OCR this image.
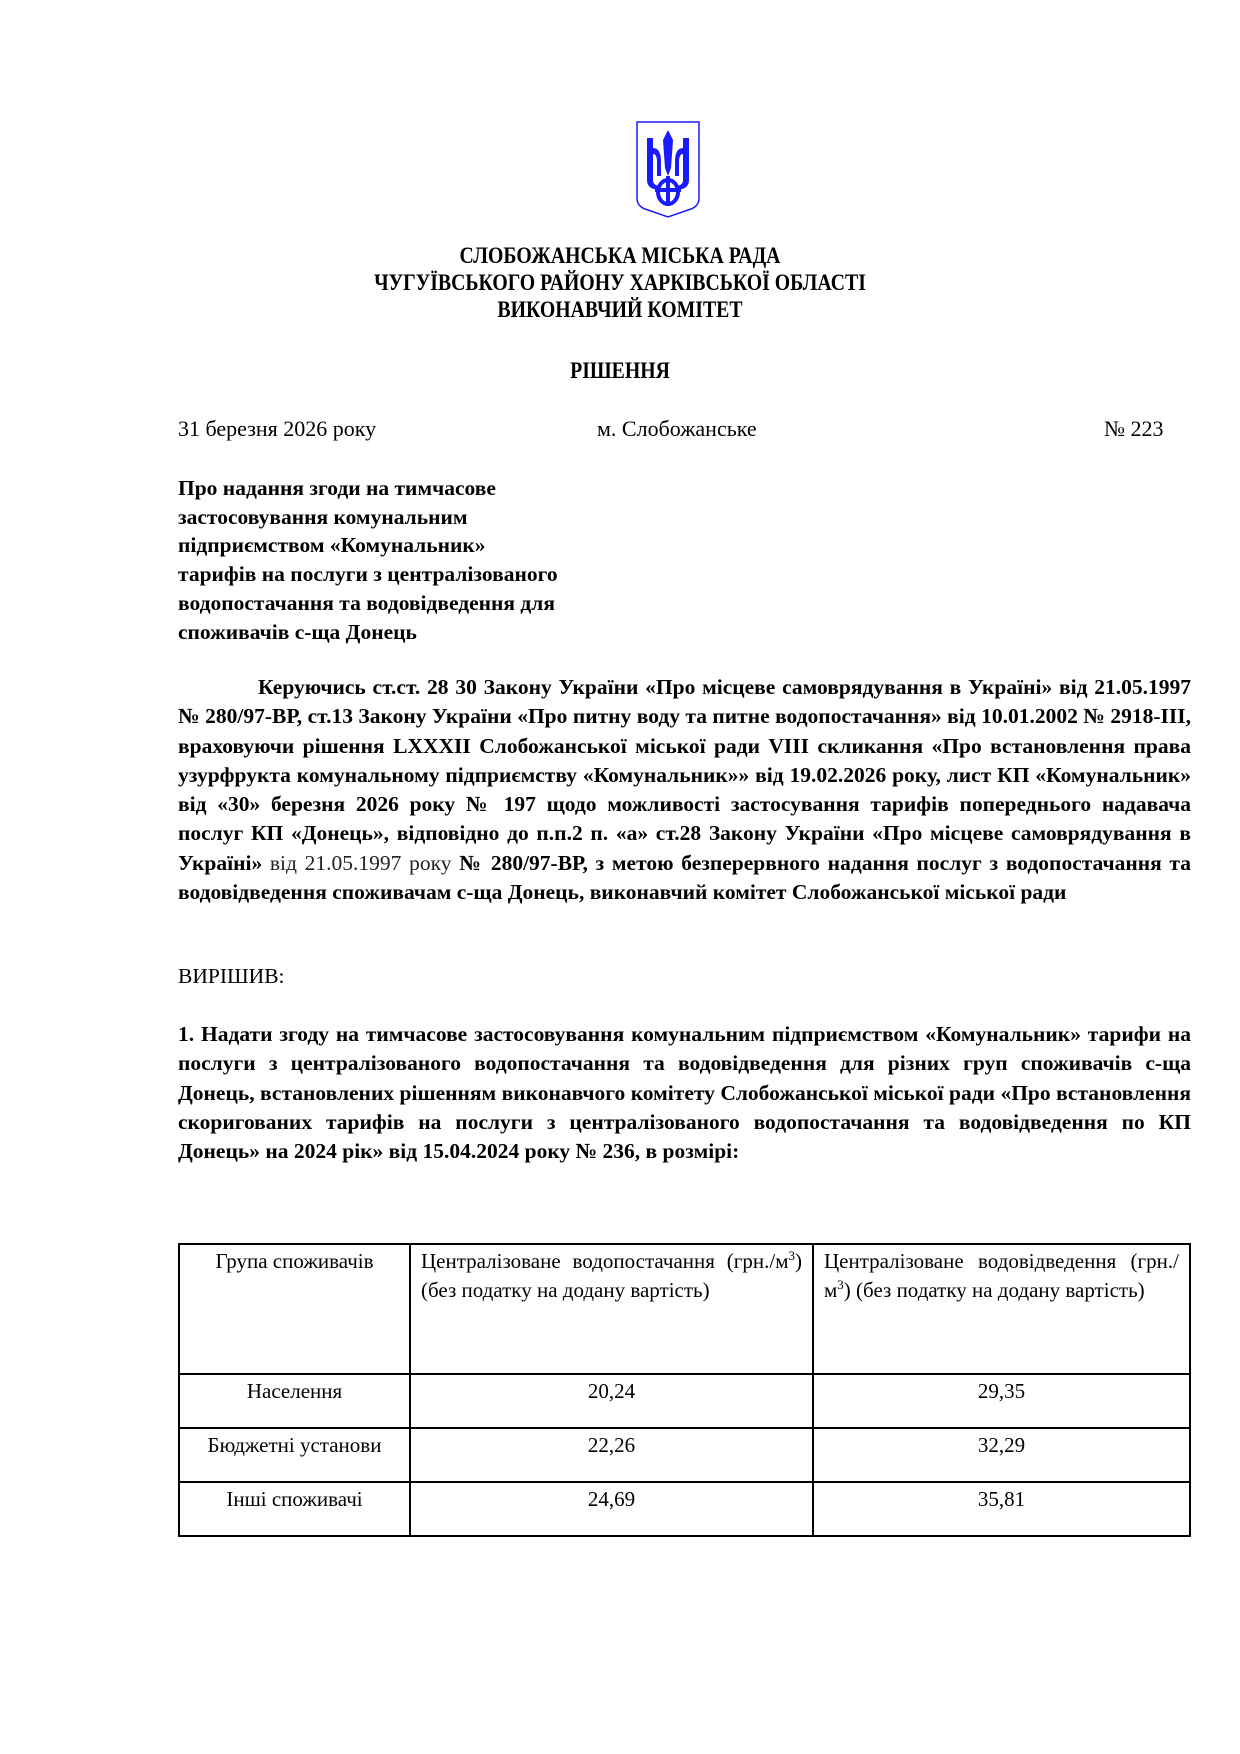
СЛОБОЖАНСЬКА МІСЬКА РАДА
ЧУГУЇВСЬКОГО РАЙОНУ ХАРКІВСЬКОЇ ОБЛАСТІ
ВИКОНАВЧИЙ КОМІТЕТ
РІШЕННЯ
31 березня 2026 року	м. Слобожанське	№ 223
Про надання згоди на тимчасове
застосовування комунальним
підприємством «Комунальник»
тарифів на послуги з централізованого
водопостачання та водовідведення для
споживачів с-ща Донець
Керуючись ст.ст. 28 30 Закону України «Про місцеве самоврядування в Україні» від 21.05.1997 № 280/97-ВР, ст.13 Закону України «Про питну воду та питне водопостачання» від 10.01.2002 № 2918-ІІІ, враховуючи рішення LXXXII Слобожанської міської ради VIII скликання «Про встановлення права узурфрукта комунальному підприємству «Комунальник»» від 19.02.2026 року, лист КП «Комунальник» від «30» березня 2026 року № 197 щодо можливості застосування тарифів попереднього надавача послуг КП «Донець», відповідно до п.п.2 п. «а» ст.28 Закону України «Про місцеве самоврядування в Україні» від 21.05.1997 року № 280/97-ВР, з метою безперервного надання послуг з водопостачання та водовідведення споживачам с-ща Донець, виконавчий комітет Слобожанської міської ради
ВИРІШИВ:
1. Надати згоду на тимчасове застосовування комунальним підприємством «Комунальник» тарифи на послуги з централізованого водопостачання та водовідведення для різних груп споживачів с-ща Донець, встановлених рішенням виконавчого комітету Слобожанської міської ради «Про встановлення скоригованих тарифів на послуги з централізованого водопостачання та водовідведення по КП Донець» на 2024 рік» від 15.04.2024 року № 236, в розмірі:
Група споживачів	Централізоване водопостачання $(грн./м^3)$ (без податку на додану вартість)	Централізоване водовідведення $(грн./м^3)$ (без податку на додану вартість)
Населення	20,24	29,35
Бюджетні установи	22,26	32,29
Інші споживачі	24,69	35,81
